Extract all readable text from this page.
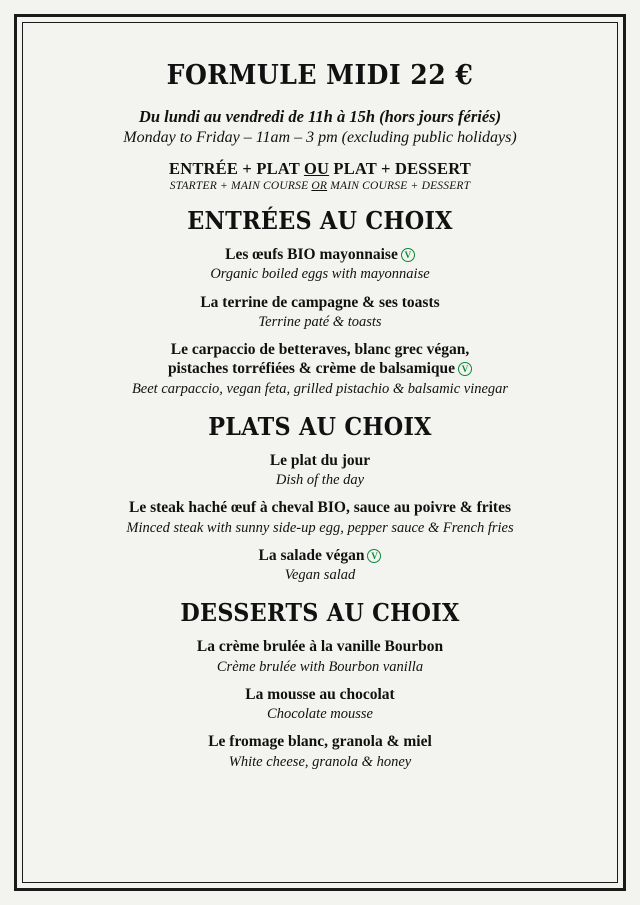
FORMULE MIDI 22 €
Du lundi au vendredi de 11h à 15h (hors jours fériés)
Monday to Friday – 11am – 3 pm (excluding public holidays)
ENTRÉE + PLAT OU PLAT + DESSERT
STARTER + MAIN COURSE OR MAIN COURSE + DESSERT
ENTRÉES AU CHOIX
Les œufs BIO mayonnaise V
Organic boiled eggs with mayonnaise
La terrine de campagne & ses toasts
Terrine paté & toasts
Le carpaccio de betteraves, blanc grec végan,
pistaches torréfiées & crème de balsamique V
Beet carpaccio, vegan feta, grilled pistachio & balsamic vinegar
PLATS AU CHOIX
Le plat du jour
Dish of the day
Le steak haché œuf à cheval BIO, sauce au poivre & frites
Minced steak with sunny side-up egg, pepper sauce & French fries
La salade végan V
Vegan salad
DESSERTS AU CHOIX
La crème brulée à la vanille Bourbon
Crème brulée with Bourbon vanilla
La mousse au chocolat
Chocolate mousse
Le fromage blanc, granola & miel
White cheese, granola & honey
